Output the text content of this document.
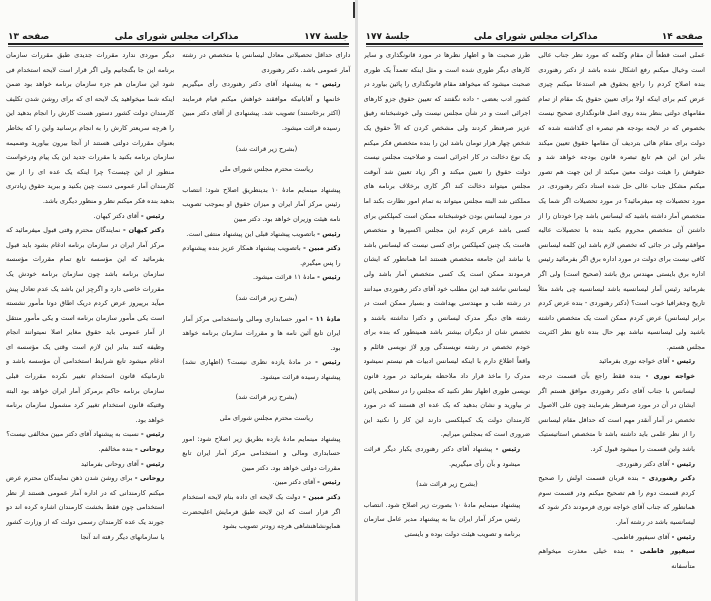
جلسهٔ ۱۷۷
مذاکرات مجلس شورای ملی
صفحه ۱۳

دارای حداقل تحصیلاتی معادل لیسانس یا متخصص در رشته آمار عمومی باشد. دکتر رهنوردی

رئیس - به پیشنهاد آقای دکتر رهنوردی رأی میگیریم خانمها و آقایانیکه موافقند خواهش میکنم قیام فرمایند (اکثر برخاستند) تصویب شد. پیشنهادی از آقای دکتر مبین رسیده قرائت میشود.

(بشرح زیر قرائت شد)

ریاست محترم مجلس شورای ملی

پیشنهاد مینمایم مادهٔ ۱۰ بدینطریق اصلاح شود: انتصاب رئیس مرکز آمار ایران و میزان حقوق او بموجب تصویب نامه هیئت وزیران خواهد بود. دکتر مبین

رئیس - باتصویب پیشنهاد قبلی این پیشنهاد منتفی است.

دکتر مبین - باتصویب پیشنهاد همکار عزیز بنده پیشنهادم را پس میگیرم.

رئیس - مادهٔ ۱۱ قرائت میشود.

(بشرح زیر قرائت شد)

مادهٔ ۱۱ - امور حسابداری ومالی واستخدامی مرکز آمار ایران تابع آئین نامه ها و مقررات سازمان برنامه خواهد بود.

رئیس - در مادهٔ یازده نظری نیست؟ (اظهاری نشد) پیشنهاد رسیده قرائت میشود.

(بشرح زیر قرائت شد)

ریاست محترم مجلس شورای ملی

پیشنهاد مینمایم مادهٔ یازده بطریق زیر اصلاح شود: امور حسابداری ومالی و استخدامی مرکز آمار ایران تابع مقررات دولتی خواهد بود. دکتر مبین

رئیس - آقای دکتر مبین.

دکتر مبین - دولت یک لایحه ای داده بنام لایحه استخدام اگر قرار است که این لایحه طبق فرمایش اعلیحضرت همایونشاهنشاهی هرچه زودتر تصویب بشود

دیگر موردی ندارد مقررات جدیدی طبق مقررات سازمان برنامه این جا بگنجانیم ولی اگر قرار است لایحه استخدام فی شود این سازمان هم جزء سازمان برنامه خواهد بود ضمن اینکه شما میخواهید یک لایحه ای که برای روشن شدن تکلیف کارمندان دولت کشور دستور هست کارش را انجام بدهید این را هرچه سریعتر کارش را به انجام برسانید واین را که بخاطر بعنوان مقررات دولتی هستند از آنجا بیرون بیاورید وضمیمه سازمان برنامه بکنید با مقررات جدید این یک پیام ودرخواست منظور از این چیست؟ چرا اینکه یک عده ای را از بین کارمندان آمار عمومی دست چین بکنید و ببرید حقوق زیادتری بدهید بنده فکر میکنم نظر و منظور دیگری باشد.

رئیس - آقای دکتر کیهان.

دکتر کیهان - نمایندگان محترم وقتی قبول میفرمائید که مرکز آمار ایران در سازمان برنامه ادغام بشود باید قبول بفرمائید که این مؤسسه تابع تمام مقررات مؤسسه سازمان برنامه باشد چون سازمان برنامه خودش یک مقررات خاصی دارد و اگرچز این باشد یک عدم تعادل پیش میآید برپیروز عرض کردم دریک اطاق دوتا مأمور نشسته است یکی مأمور سازمان برنامه است و یکی مأمور منتقل از آمار عمومی باید حقوق مغایر اصلا نمیتوانند انجام وظیفه کنند بنابر این لازم است وقتی یک مؤسسه ای ادغام میشود تابع شرایط استخدامی آن مؤسسه باشد و تازمانیکه قانون استخدام تغییر نکرده مقررات قبلی سازمان برنامه حاکم برمرکز آمار ایران خواهد بود البته وقتیکه قانون استخدام تغییر کرد مشمول سازمان برنامه خواهد بود.

رئیس - نسبت به پیشنهاد آقای دکتر مبین مخالفی نیست؟

روحانی - بنده مخالفم.

رئیس - آقای روحانی بفرمائید

روحانی - برای روشن شدن ذهن نمایندگان محترم عرض میکنم کارمندانی که در اداره آمار عمومی هستند از نظر استخدامی چون فقط بخشت کارمندان اشاره کرده اند دو جورند یک عده کارمندان رسمی دولت که از وزارت کشور یا سازمانهای دیگر رفته اند آنجا

صفحه ۱۴
مذاکرات مجلس شورای ملی
جلسهٔ ۱۷۷

عملی است قطعاً آن مقام وکلمه که مورد نظر جناب عالی است وخیال میکنم رفع اشکال شده باشد از دکتر رهنوردی بنده اصلاح کردم را راجع بحقوق هم استدعا میکنم چیزی عرض کنم برای اینکه اولا برای تعیین حقوق یک مقام از تمام مقامهای دولتی بنظر بنده روی اصل قانونگذاری صحیح نیست بخصوص که در لایحه بودجه هم تبصره ای گذاشته شده که دولت برای مقام هائی بتردیف آن مقامها حقوق تعیین میکند بنابر این این هم تابع تبصره قانون بودجه خواهد شد و حقوقش را هیئت دولت معین میکند از این جهت هم تصور میکنم مشکل جناب عالی حل شده استاد دکتر رهنوردی. در مورد تحصیلات چه میفرمائید؟ در مورد تحصیلات اگر شما یک متخصص آمار داشته باشید که لیسانس باشد چرا خودتان را از داشتن آن متخصص محروم بکنید بنده با تحصیلات عالیه موافقم ولی در جائی که تخصص لازم باشد این کلمه لیسانس کافی نیست برای دولت در مورد اداره برق اگر بفرمائید رئیس اداره برق بایستی مهندس برق باشد (صحیح است) ولی اگر بفرمائید رئیس آمار لیسانسیه باشد لیسانسیه چی باشد مثلاً تاریخ وجغرافیا خوب است؟ (دکتر رهنوردی - بنده عرض کردم برابر لیسانس) عرض کردم ممکن است یک متخصص داشته باشید ولی لیسانسیه نباشد بهر حال بنده تابع نظر اکثریت مجلس هستم.

رئیس - آقای خواجه نوری بفرمائید

خواجه نوری - بنده فقط راجع بآن قسمت درجه لیسانس با جناب آقای دکتر رهنوردی موافق هستم اگر ایشان در آن در مورد صرفنظر بفرمایند چون علی الاصول تخصص در آمار آنقدر مهم است که حداقل مقام لیسانس را از نظر علمی باید داشته باشد تا متخصص استاتیستیک باشد واین قسمت را میشود قبول کرد.

رئیس - آقای دکتر رهنوردی.

دکتر رهنوردی - بنده قربان قسمت اولش را صحیح کردم قسمت دوم را هم تصحیح میکنم ودر قسمت سوم همانطور که جناب آقای خواجه نوری فرمودند ذکر شود که لیسانسیه باشد در رشته آمار.

رئیس - آقای سیفپور فاطمی.

سیفپور فاطمی - بنده خیلی معذرت میخواهم متأسفانه

طرز صحبت ها و اظهار نظرها در مورد قانونگذاری و سایر کارهای دیگر طوری شده است و مثل اینکه تعمداً یک طوری صحبت میشود که میخواهد مقام قانونگذاری را پائین بیاورد در کشور ادب بعضی - داده نگفتند که تعیین حقوق جزو کارهای اجرائی است و در شأن مجلس نیست ولی خوشبختانه رفیق عزیز صرفنظر کردند ولی مشخص کردن که الاّ حقوق یک شخص چهار هزار تومان باشد این را بنده متخصص فکر میکنم یک نوع دخالت در کار اجرائی است و صلاحیت مجلس نیست دولت حقوق را تعیین میکند و اگر زیاد تعیین شد آنوقت مجلس میتواند دخالت کند اگر کاری برخلاف برنامه های مملکتی شد البته مجلس میتواند به تمام امور نظارت بکند اما در مورد لیسانس بودن خوشبختانه ممکن است کمپلکس برای کسی باشد عرض کردم این مجلس اکسپرها و متخصص هاست یک چنین کمپلکس برای کسی نیست که لیسانس باشد یا نباشد این جامعه متخصص هستند اما همانطور که ایشان فرمودند ممکن است یک کسی متخصص آمار باشد ولی لیسانس نباشد قید این مطلب خود آقای دکتر رهنوردی میدانند در رشته طب و مهندسی بهداشت و بسیار ممکن است در رشته های دیگر مدرک لیسانس و دکترا نداشته باشند و تخصص شان از دیگران بیشتر باشد همینطور که بنده برای خودم تخصص در رشته نویسندگی ورو لاژ نویسی قائلم و واقعاً اطلاع دارم با اینکه لیسانس ادبیات هم نیستم نمیشود مدرک را ماخذ قرار داد ملاحظه بفرمائید در مورد قانون نویسی طوری اظهار نظر نکنید که مجلس را در سطحی پائین تر بیاورید و نشان بدهید که یک عده ای هستند که در مورد کارمندان دولت یک کمپلکسی دارند این کار را نکنید این ضروری است که بمجلس میرایم.

رئیس - پیشنهاد آقای دکتر رهنوردی یکبار دیگر قرائت میشود و بآن رأی میگیریم.

(بشرح زیر قرائت شد)

پیشنهاد مینمایم مادهٔ ۱۰ بصورت زیر اصلاح شود. انتصاب رئیس مرکز آمار ایران بنا به پیشنهاد مدیر عامل سازمان برنامه و تصویب هیئت دولت بوده و بایستی
